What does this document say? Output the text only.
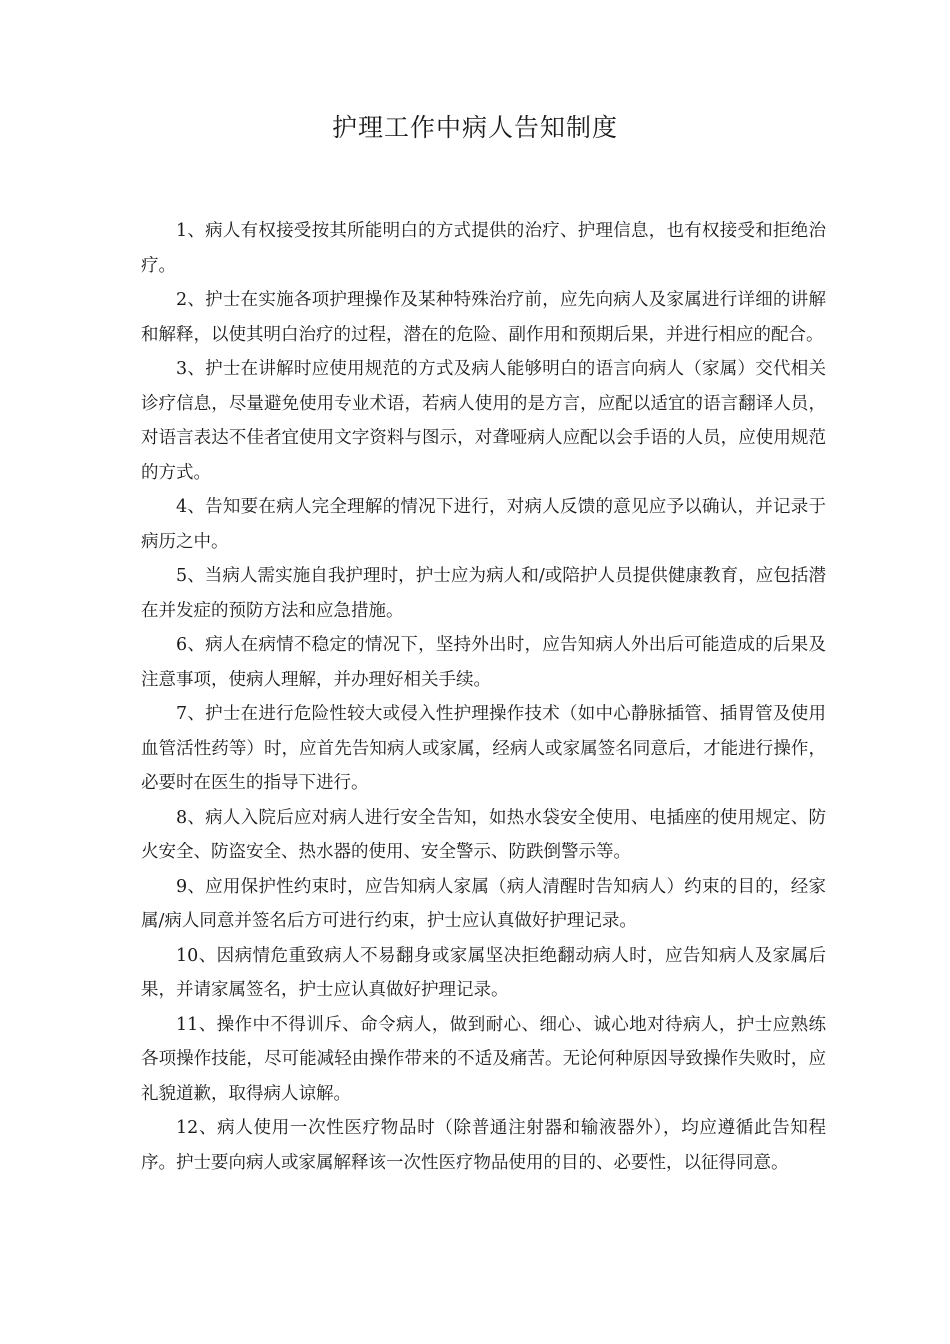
护理工作中病人告知制度

1、病人有权接受按其所能明白的方式提供的治疗、护理信息，也有权接受和拒绝治疗。

2、护士在实施各项护理操作及某种特殊治疗前，应先向病人及家属进行详细的讲解和解释，以使其明白治疗的过程，潜在的危险、副作用和预期后果，并进行相应的配合。

3、护士在讲解时应使用规范的方式及病人能够明白的语言向病人（家属）交代相关诊疗信息，尽量避免使用专业术语，若病人使用的是方言，应配以适宜的语言翻译人员，对语言表达不佳者宜使用文字资料与图示，对聋哑病人应配以会手语的人员，应使用规范的方式。

4、告知要在病人完全理解的情况下进行，对病人反馈的意见应予以确认，并记录于病历之中。

5、当病人需实施自我护理时，护士应为病人和/或陪护人员提供健康教育，应包括潜在并发症的预防方法和应急措施。

6、病人在病情不稳定的情况下，坚持外出时，应告知病人外出后可能造成的后果及注意事项，使病人理解，并办理好相关手续。

7、护士在进行危险性较大或侵入性护理操作技术（如中心静脉插管、插胃管及使用血管活性药等）时，应首先告知病人或家属，经病人或家属签名同意后，才能进行操作，必要时在医生的指导下进行。

8、病人入院后应对病人进行安全告知，如热水袋安全使用、电插座的使用规定、防火安全、防盗安全、热水器的使用、安全警示、防跌倒警示等。

9、应用保护性约束时，应告知病人家属（病人清醒时告知病人）约束的目的，经家属/病人同意并签名后方可进行约束，护士应认真做好护理记录。

10、因病情危重致病人不易翻身或家属坚决拒绝翻动病人时，应告知病人及家属后果，并请家属签名，护士应认真做好护理记录。

11、操作中不得训斥、命令病人，做到耐心、细心、诚心地对待病人，护士应熟练各项操作技能，尽可能减轻由操作带来的不适及痛苦。无论何种原因导致操作失败时，应礼貌道歉，取得病人谅解。

12、病人使用一次性医疗物品时（除普通注射器和输液器外），均应遵循此告知程序。护士要向病人或家属解释该一次性医疗物品使用的目的、必要性，以征得同意。
